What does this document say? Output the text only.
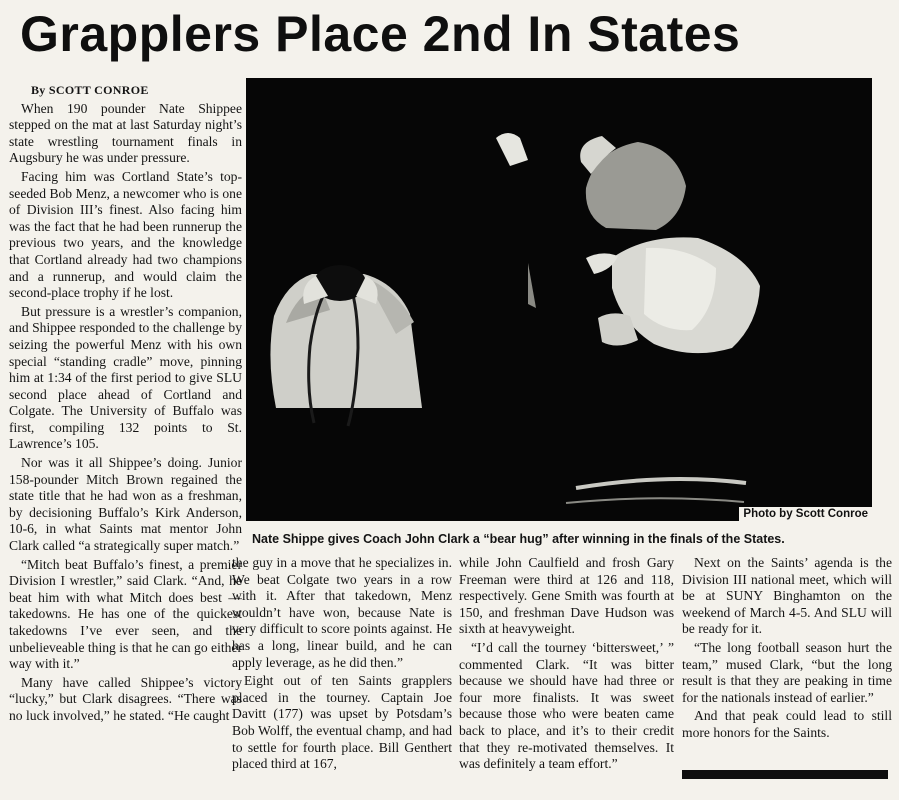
Grapplers Place 2nd In States

By SCOTT CONROE

When 190 pounder Nate Shippee stepped on the mat at last Saturday night’s state wrestling tournament finals in Augsbury he was under pressure.

Facing him was Cortland State’s top-seeded Bob Menz, a newcomer who is one of Division III’s finest. Also facing him was the fact that he had been runnerup the previous two years, and the knowledge that Cortland already had two champions and a runnerup, and would claim the second-place trophy if he lost.

But pressure is a wrestler’s companion, and Shippee responded to the challenge by seizing the powerful Menz with his own special “standing cradle” move, pinning him at 1:34 of the first period to give SLU second place ahead of Cortland and Colgate. The University of Buffalo was first, compiling 132 points to St. Lawrence’s 105.

Nor was it all Shippee’s doing. Junior 158-pounder Mitch Brown regained the state title that he had won as a freshman, by decisioning Buffalo’s Kirk Anderson, 10-6, in what Saints mat mentor John Clark called “a strategically super match.”

“Mitch beat Buffalo’s finest, a premier Division I wrestler,” said Clark. “And, he beat him with what Mitch does best — takedowns. He has one of the quickest takedowns I’ve ever seen, and the unbelieveable thing is that he can go either way with it.”

Many have called Shippee’s victory “lucky,” but Clark disagrees. “There was no luck involved,” he stated. “He caught

Photo by Scott Conroe
Nate Shippe gives Coach John Clark a “bear hug” after winning in the finals of the States.

the guy in a move that he specializes in. We beat Colgate two years in a row with it. After that takedown, Menz wouldn’t have won, because Nate is very difficult to score points against. He has a long, linear build, and he can apply leverage, as he did then.”

Eight out of ten Saints grapplers placed in the tourney. Captain Joe Davitt (177) was upset by Potsdam’s Bob Wolff, the eventual champ, and had to settle for fourth place. Bill Genthert placed third at 167,

while John Caulfield and frosh Gary Freeman were third at 126 and 118, respectively. Gene Smith was fourth at 150, and freshman Dave Hudson was sixth at heavyweight.

“I’d call the tourney ‘bittersweet,’ ” commented Clark. “It was bitter because we should have had three or four more finalists. It was sweet because those who were beaten came back to place, and it’s to their credit that they re-motivated themselves. It was definitely a team effort.”

Next on the Saints’ agenda is the Division III national meet, which will be at SUNY Binghamton on the weekend of March 4-5. And SLU will be ready for it.

“The long football season hurt the team,” mused Clark, “but the long result is that they are peaking in time for the nationals instead of earlier.”

And that peak could lead to still more honors for the Saints.
